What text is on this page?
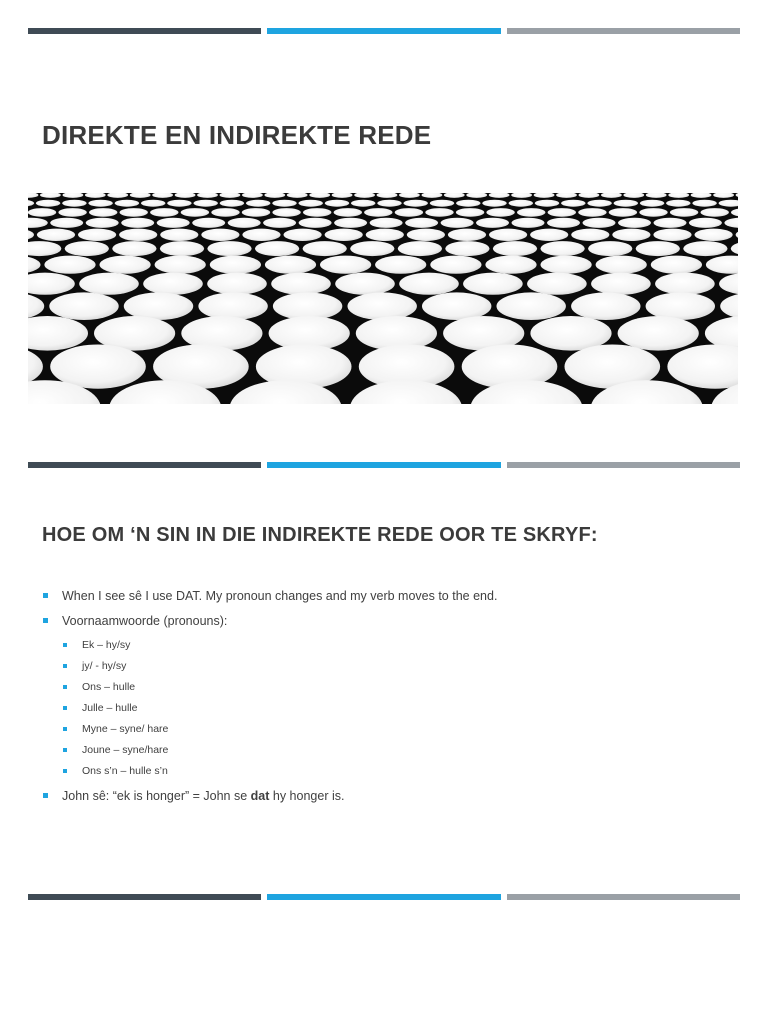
DIREKTE EN INDIREKTE REDE
HOE OM ‘N SIN IN DIE INDIREKTE REDE OOR TE SKRYF:
When I see sê I use DAT. My pronoun changes and my verb moves to the end.
Voornaamwoorde (pronouns):
Ek – hy/sy
jy/ - hy/sy
Ons – hulle
Julle – hulle
Myne – syne/ hare
Joune – syne/hare
Ons s’n – hulle s’n
John sê: “ek is honger” = John se dat hy honger is.
